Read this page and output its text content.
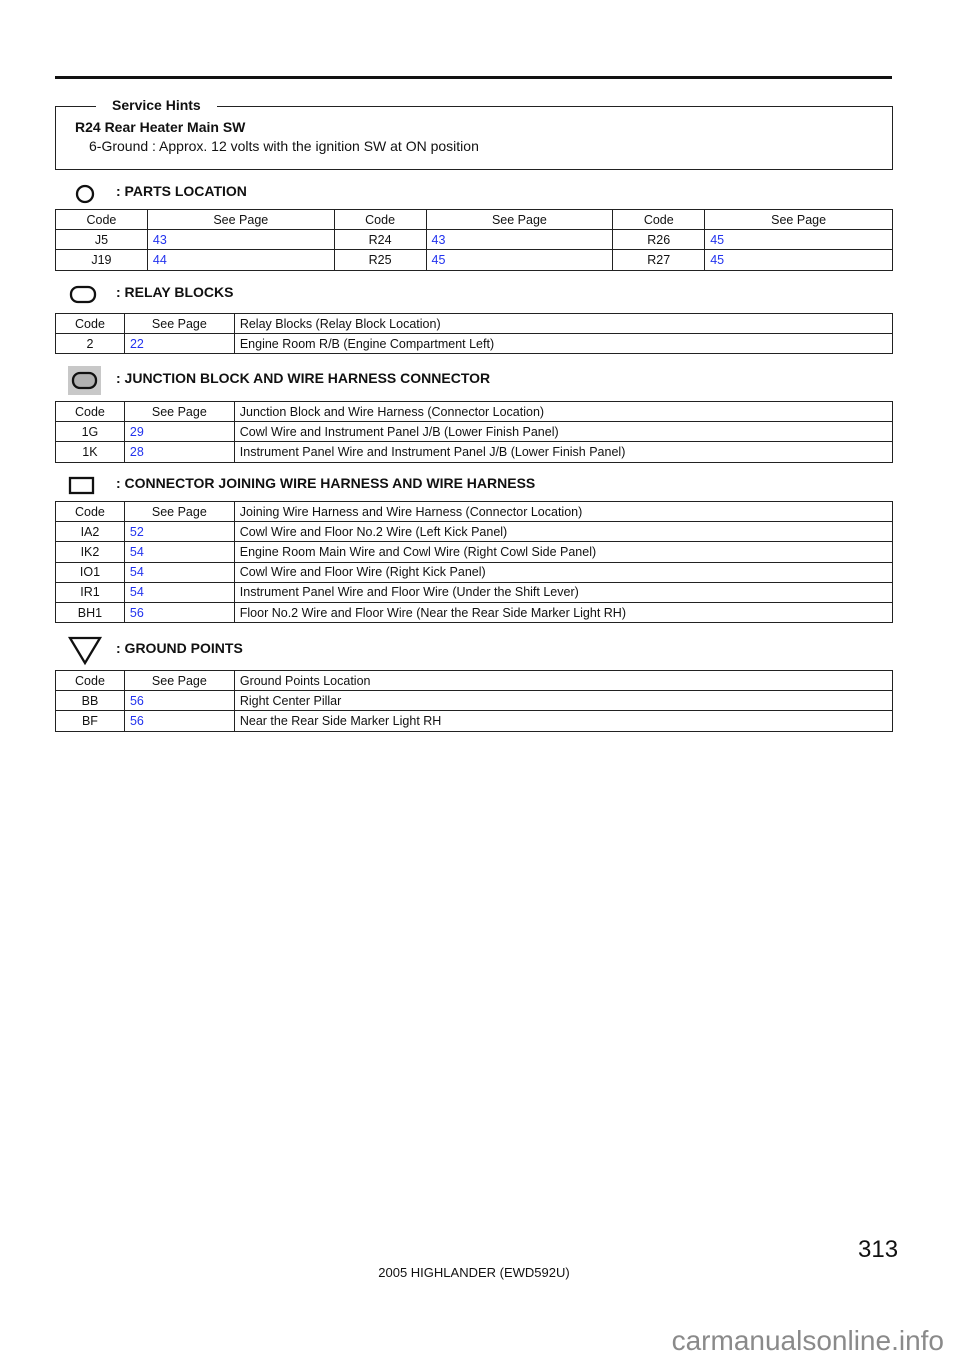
Service Hints
R24 Rear Heater Main SW
6-Ground : Approx. 12 volts with the ignition SW at ON position
: PARTS LOCATION
Code	See Page	Code	See Page	Code	See Page
J5	43	R24	43	R26	45
J19	44	R25	45	R27	45
: RELAY BLOCKS
Code	See Page	Relay Blocks (Relay Block Location)
2	22	Engine Room R/B (Engine Compartment Left)
: JUNCTION BLOCK AND WIRE HARNESS CONNECTOR
Code	See Page	Junction Block and Wire Harness (Connector Location)
1G	29	Cowl Wire and Instrument Panel J/B (Lower Finish Panel)
1K	28	Instrument Panel Wire and Instrument Panel J/B (Lower Finish Panel)
: CONNECTOR JOINING WIRE HARNESS AND WIRE HARNESS
Code	See Page	Joining Wire Harness and Wire Harness (Connector Location)
IA2	52	Cowl Wire and Floor No.2 Wire (Left Kick Panel)
IK2	54	Engine Room Main Wire and Cowl Wire (Right Cowl Side Panel)
IO1	54	Cowl Wire and Floor Wire (Right Kick Panel)
IR1	54	Instrument Panel Wire and Floor Wire (Under the Shift Lever)
BH1	56	Floor No.2 Wire and Floor Wire (Near the Rear Side Marker Light RH)
: GROUND POINTS
Code	See Page	Ground Points Location
BB	56	Right Center Pillar
BF	56	Near the Rear Side Marker Light RH
313
2005 HIGHLANDER (EWD592U)
carmanualsonline.info
